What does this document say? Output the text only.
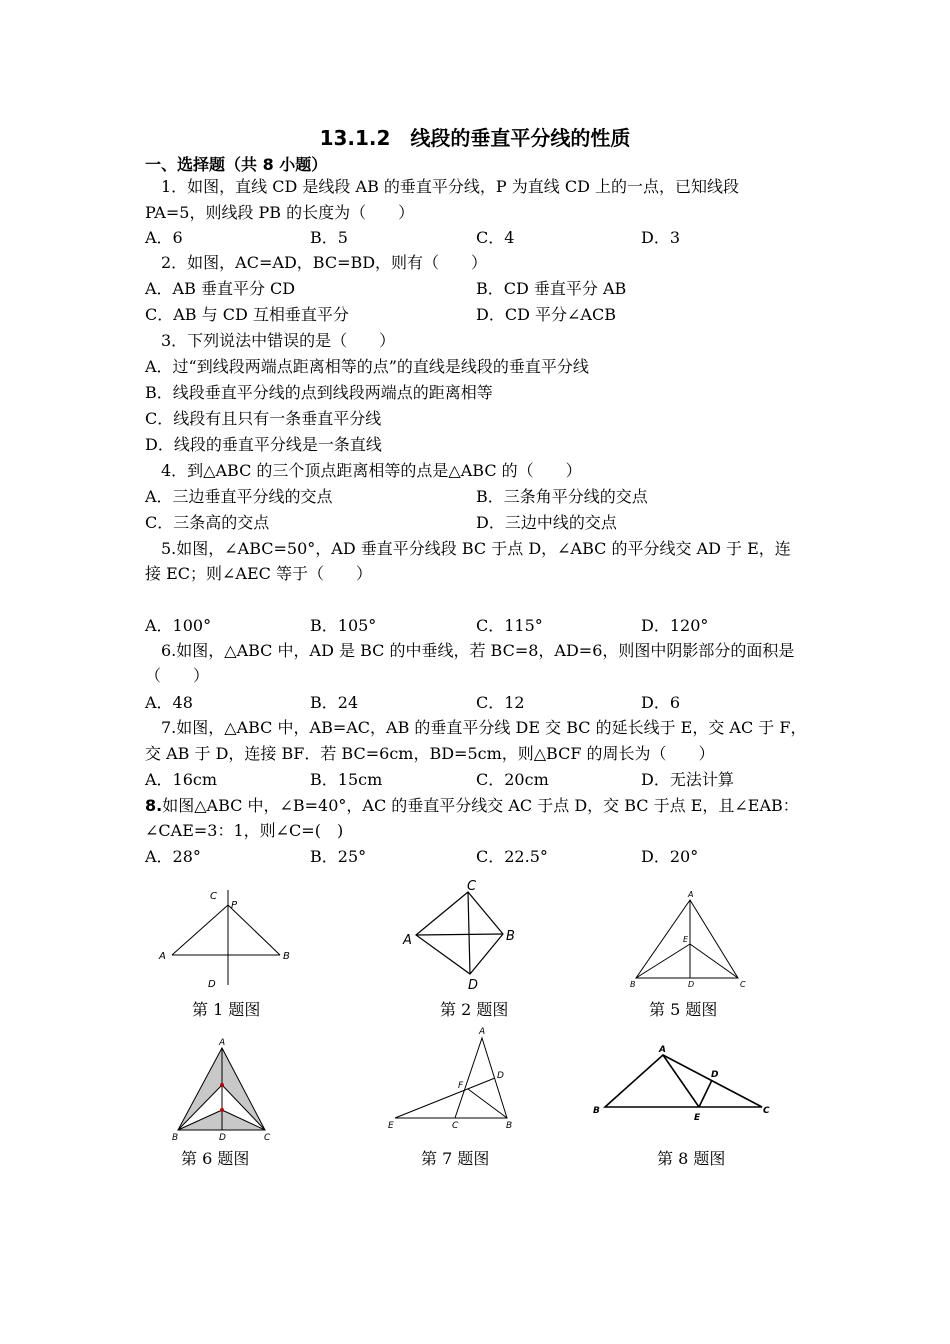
13.1.2　线段的垂直平分线的性质
一、选择题（共 8 小题）
1．如图，直线 CD 是线段 AB 的垂直平分线，P 为直线 CD 上的一点，已知线段
PA=5，则线段 PB 的长度为（　　）
A．6	B．5	C．4	D．3
2．如图，AC=AD，BC=BD，则有（　　）
A．AB 垂直平分 CD	B．CD 垂直平分 AB
C．AB 与 CD 互相垂直平分	D．CD 平分∠ACB
3．下列说法中错误的是（　　）
A．过“到线段两端点距离相等的点”的直线是线段的垂直平分线
B．线段垂直平分线的点到线段两端点的距离相等
C．线段有且只有一条垂直平分线
D．线段的垂直平分线是一条直线
4．到△ABC 的三个顶点距离相等的点是△ABC 的（　　）
A．三边垂直平分线的交点	B．三条角平分线的交点
C．三条高的交点	D．三边中线的交点
5.如图，∠ABC=50°，AD 垂直平分线段 BC 于点 D，∠ABC 的平分线交 AD 于 E，连
接 EC；则∠AEC 等于（　　）
A．100°	B．105°	C．115°	D．120°
6.如图，△ABC 中，AD 是 BC 的中垂线，若 BC=8，AD=6，则图中阴影部分的面积是
（　　）
A．48	B．24	C．12	D．6
7.如图，△ABC 中，AB=AC，AB 的垂直平分线 DE 交 BC 的延长线于 E，交 AC 于 F，
交 AB 于 D，连接 BF．若 BC=6cm，BD=5cm，则△BCF 的周长为（　　）
A．16cm	B．15cm	C．20cm	D．无法计算
8.如图△ABC 中，∠B=40°，AC 的垂直平分线交 AC 于点 D，交 BC 于点 E，且∠EAB：
∠CAE=3：1，则∠C=(　)
A．28°	B．25°	C．22.5°	D．20°
C
P
A	B
D
C
A	B
D
A
E
B	D	C
A
B	D	C
A
D
F
E	C	B
A
D
B
E
C
第 1 题图	第 2 题图	第 5 题图
第 6 题图	第 7 题图	第 8 题图
